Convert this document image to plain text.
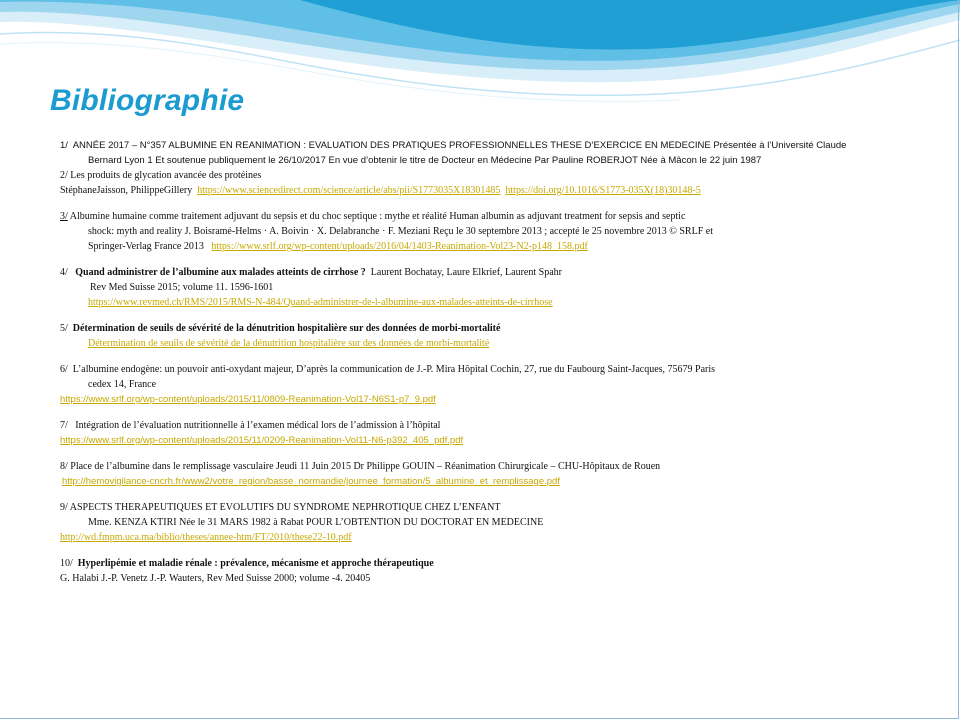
Bibliographie
1/ ANNÉE 2017 – N°357 ALBUMINE EN REANIMATION : EVALUATION DES PRATIQUES PROFESSIONNELLES THESE D’EXERCICE EN MEDECINE Présentée à l’Université Claude
Bernard Lyon 1 Et soutenue publiquement le 26/10/2017 En vue d’obtenir le titre de Docteur en Médecine Par Pauline ROBERJOT Née à Mâcon le 22 juin 1987
2/ Les produits de glycation avancée des protéines
StéphaneJaisson, PhilippeGillery https://www.sciencedirect.com/science/article/abs/pii/S1773035X18301485 https://doi.org/10.1016/S1773-035X(18)30148-5
3/ Albumine humaine comme traitement adjuvant du sepsis et du choc septique : mythe et réalité Human albumin as adjuvant treatment for sepsis and septic
shock: myth and reality J. Boisramé-Helms · A. Boivin · X. Delabranche · F. Meziani Reçu le 30 septembre 2013 ; accepté le 25 novembre 2013 © SRLF et
Springer-Verlag France 2013 https://www.srlf.org/wp-content/uploads/2016/04/1403-Reanimation-Vol23-N2-p148_158.pdf
4/ Quand administrer de l’albumine aux malades atteints de cirrhose ? Laurent Bochatay, Laure Elkrief, Laurent Spahr
Rev Med Suisse 2015; volume 11. 1596-1601
https://www.revmed.ch/RMS/2015/RMS-N-484/Quand-administrer-de-l-albumine-aux-malades-atteints-de-cirrhose
5/ Détermination de seuils de sévérité de la dénutrition hospitalière sur des données de morbi-mortalité
Détermination de seuils de sévérité de la dénutrition hospitalière sur des données de morbi-mortalité
6/ L’albumine endogène: un pouvoir anti-oxydant majeur, D’après la communication de J.-P. Mira Hôpital Cochin, 27, rue du Faubourg Saint-Jacques, 75679 Paris
cedex 14, France
https://www.srlf.org/wp-content/uploads/2015/11/0809-Reanimation-Vol17-N6S1-p7_9.pdf
7/ Intégration de l’évaluation nutritionnelle à l’examen médical lors de l’admission à l’hôpital
https://www.srlf.org/wp-content/uploads/2015/11/0209-Reanimation-Vol11-N6-p392_405_pdf.pdf
8/ Place de l’albumine dans le remplissage vasculaire Jeudi 11 Juin 2015 Dr Philippe GOUIN – Réanimation Chirurgicale – CHU-Hôpitaux de Rouen
http://hemovigilance-cncrh.fr/www2/votre_region/basse_normandie/journee_formation/5_albumine_et_remplissage.pdf
9/ ASPECTS THERAPEUTIQUES ET EVOLUTIFS DU SYNDROME NEPHROTIQUE CHEZ L’ENFANT
Mme. KENZA KTIRI Née le 31 MARS 1982 à Rabat POUR L’OBTENTION DU DOCTORAT EN MEDECINE
http://wd.fmpm.uca.ma/biblio/theses/annee-htm/FT/2010/these22-10.pdf
10/ Hyperlipémie et maladie rénale : prévalence, mécanisme et approche thérapeutique
G. Halabi J.-P. Venetz J.-P. Wauters, Rev Med Suisse 2000; volume -4. 20405
